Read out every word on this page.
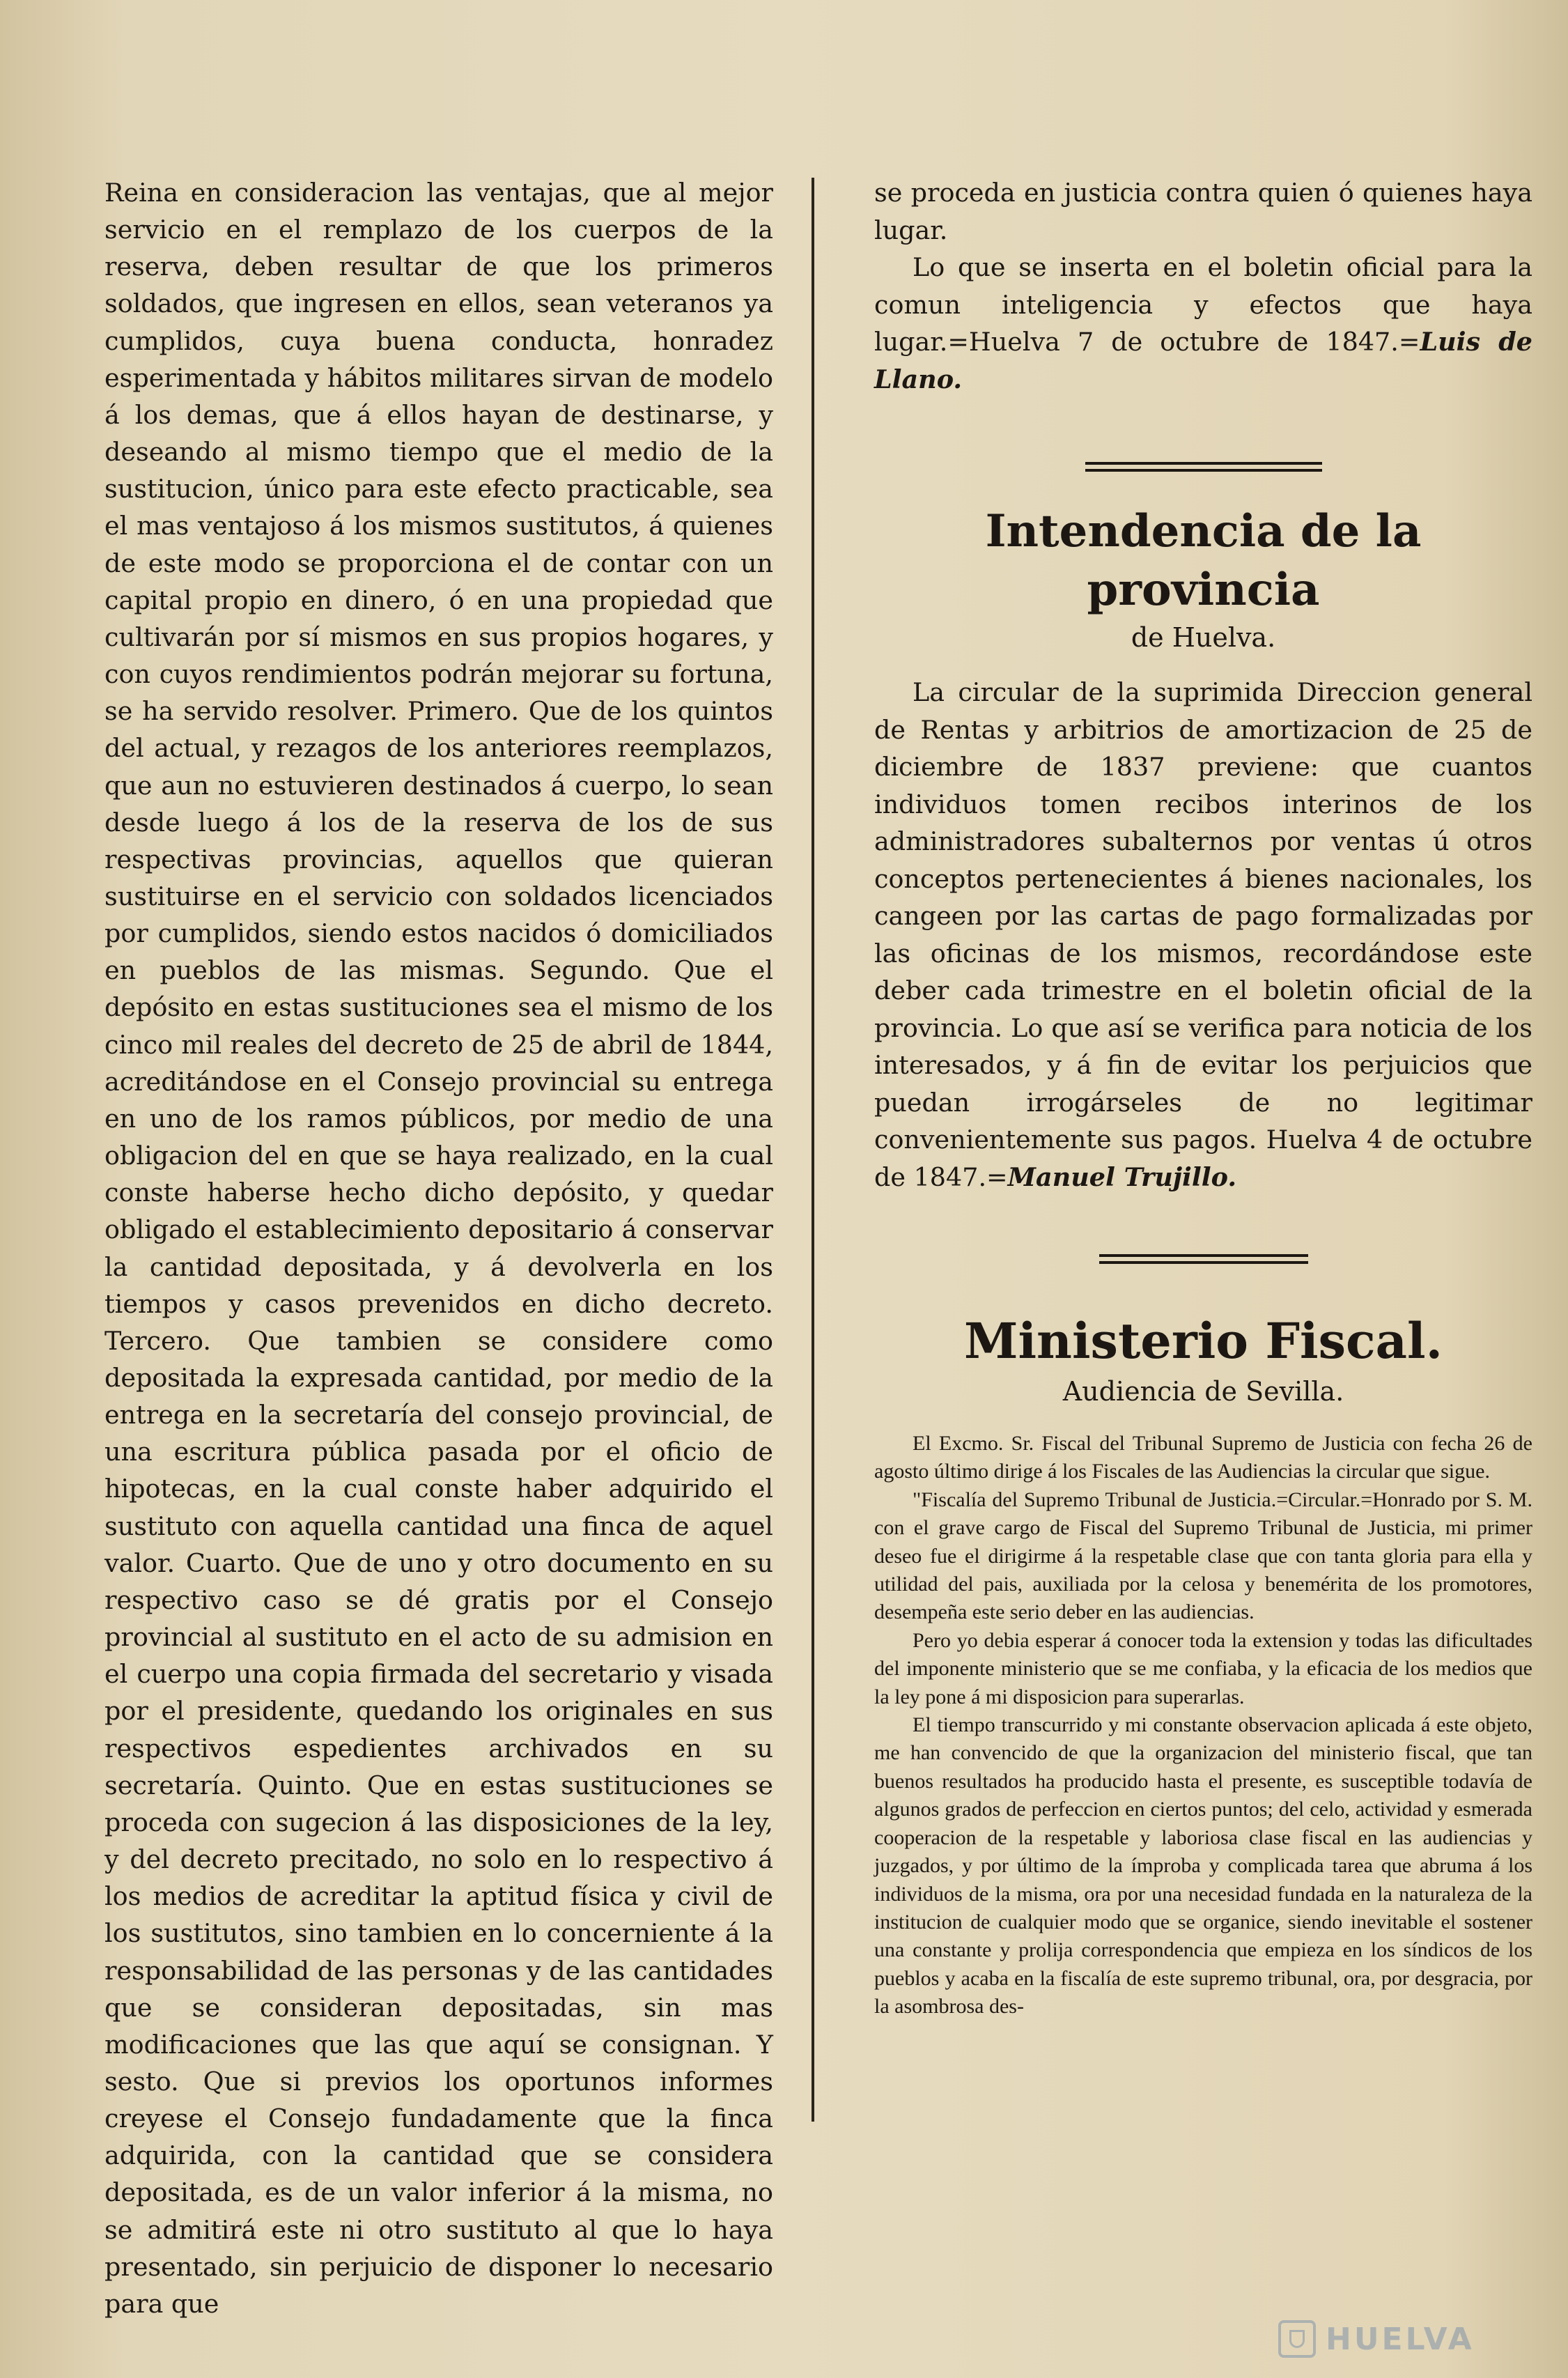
Reina en consideracion las ventajas, que al mejor servicio en el remplazo de los cuerpos de la reserva, deben resultar de que los primeros soldados, que ingresen en ellos, sean veteranos ya cumplidos, cuya buena conducta, honradez esperimentada y hábitos militares sirvan de modelo á los demas, que á ellos hayan de destinarse, y deseando al mismo tiempo que el medio de la sustitucion, único para este efecto practicable, sea el mas ventajoso á los mismos sustitutos, á quienes de este modo se proporciona el de contar con un capital propio en dinero, ó en una propiedad que cultivarán por sí mismos en sus propios hogares, y con cuyos rendimientos podrán mejorar su fortuna, se ha servido resolver. Primero. Que de los quintos del actual, y rezagos de los anteriores reemplazos, que aun no estuvieren destinados á cuerpo, lo sean desde luego á los de la reserva de los de sus respectivas provincias, aquellos que quieran sustituirse en el servicio con soldados licenciados por cumplidos, siendo estos nacidos ó domiciliados en pueblos de las mismas. Segundo. Que el depósito en estas sustituciones sea el mismo de los cinco mil reales del decreto de 25 de abril de 1844, acreditándose en el Consejo provincial su entrega en uno de los ramos públicos, por medio de una obligacion del en que se haya realizado, en la cual conste haberse hecho dicho depósito, y quedar obligado el establecimiento depositario á conservar la cantidad depositada, y á devolverla en los tiempos y casos prevenidos en dicho decreto. Tercero. Que tambien se considere como depositada la expresada cantidad, por medio de la entrega en la secretaría del consejo provincial, de una escritura pública pasada por el oficio de hipotecas, en la cual conste haber adquirido el sustituto con aquella cantidad una finca de aquel valor. Cuarto. Que de uno y otro documento en su respectivo caso se dé gratis por el Consejo provincial al sustituto en el acto de su admision en el cuerpo una copia firmada del secretario y visada por el presidente, quedando los originales en sus respectivos espedientes archivados en su secretaría. Quinto. Que en estas sustituciones se proceda con sugecion á las disposiciones de la ley, y del decreto precitado, no solo en lo respectivo á los medios de acreditar la aptitud física y civil de los sustitutos, sino tambien en lo concerniente á la responsabilidad de las personas y de las cantidades que se consideran depositadas, sin mas modificaciones que las que aquí se consignan. Y sesto. Que si previos los oportunos informes creyese el Consejo fundadamente que la finca adquirida, con la cantidad que se considera depositada, es de un valor inferior á la misma, no se admitirá este ni otro sustituto al que lo haya presentado, sin perjuicio de disponer lo necesario para que

se proceda en justicia contra quien ó quienes haya lugar.

Lo que se inserta en el boletin oficial para la comun inteligencia y efectos que haya lugar.=Huelva 7 de octubre de 1847.=Luis de Llano.

Intendencia de la provincia

de Huelva.

La circular de la suprimida Direccion general de Rentas y arbitrios de amortizacion de 25 de diciembre de 1837 previene: que cuantos individuos tomen recibos interinos de los administradores subalternos por ventas ú otros conceptos pertenecientes á bienes nacionales, los cangeen por las cartas de pago formalizadas por las oficinas de los mismos, recordándose este deber cada trimestre en el boletin oficial de la provincia. Lo que así se verifica para noticia de los interesados, y á fin de evitar los perjuicios que puedan irrogárseles de no legitimar convenientemente sus pagos. Huelva 4 de octubre de 1847.=Manuel Trujillo.

Ministerio Fiscal.

Audiencia de Sevilla.

El Excmo. Sr. Fiscal del Tribunal Supremo de Justicia con fecha 26 de agosto último dirige á los Fiscales de las Audiencias la circular que sigue.

"Fiscalía del Supremo Tribunal de Justicia.=Circular.=Honrado por S. M. con el grave cargo de Fiscal del Supremo Tribunal de Justicia, mi primer deseo fue el dirigirme á la respetable clase que con tanta gloria para ella y utilidad del pais, auxiliada por la celosa y benemérita de los promotores, desempeña este serio deber en las audiencias.

Pero yo debia esperar á conocer toda la extension y todas las dificultades del imponente ministerio que se me confiaba, y la eficacia de los medios que la ley pone á mi disposicion para superarlas.

El tiempo transcurrido y mi constante observacion aplicada á este objeto, me han convencido de que la organizacion del ministerio fiscal, que tan buenos resultados ha producido hasta el presente, es susceptible todavía de algunos grados de perfeccion en ciertos puntos; del celo, actividad y esmerada cooperacion de la respetable y laboriosa clase fiscal en las audiencias y juzgados, y por último de la ímproba y complicada tarea que abruma á los individuos de la misma, ora por una necesidad fundada en la naturaleza de la institucion de cualquier modo que se organice, siendo inevitable el sostener una constante y prolija correspondencia que empieza en los síndicos de los pueblos y acaba en la fiscalía de este supremo tribunal, ora, por desgracia, por la asombrosa des-

HUELVA
